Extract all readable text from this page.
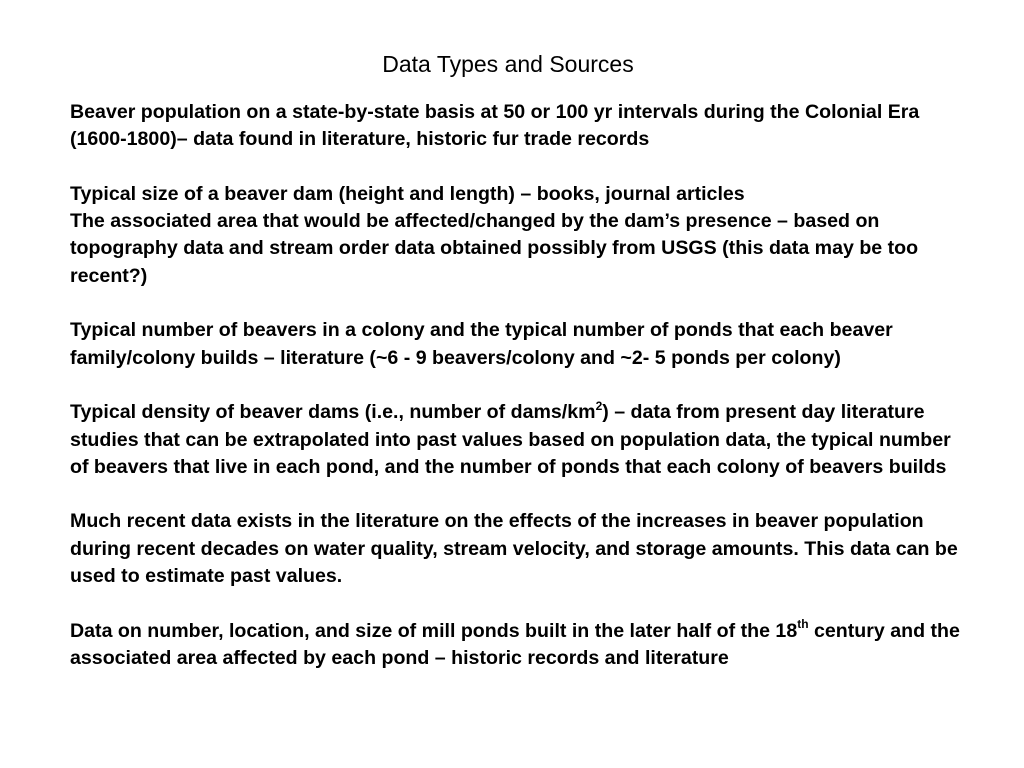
Data Types and Sources

Beaver population on a state-by-state basis at 50 or 100 yr intervals during the Colonial Era (1600-1800)– data found in literature, historic fur trade records

Typical size of a beaver dam (height and length) – books, journal articles

The associated area that would be affected/changed by the dam’s presence – based on topography data and stream order data obtained possibly from USGS (this data may be too recent?)

Typical number of beavers in a colony and the typical number of ponds that each beaver family/colony builds – literature (~6 - 9 beavers/colony and ~2- 5 ponds per colony)

Typical density of beaver dams (i.e., number of dams/$km^2$) – data from present day literature studies that can be extrapolated into past values based on population data, the typical number of beavers that live in each pond, and the number of ponds that each colony of beavers builds

Much recent data exists in the literature on the effects of the increases in beaver population during recent decades on water quality, stream velocity, and storage amounts. This data can be used to estimate past values.

Data on number, location, and size of mill ponds built in the later half of the 18th century and the associated area affected by each pond – historic records and literature
